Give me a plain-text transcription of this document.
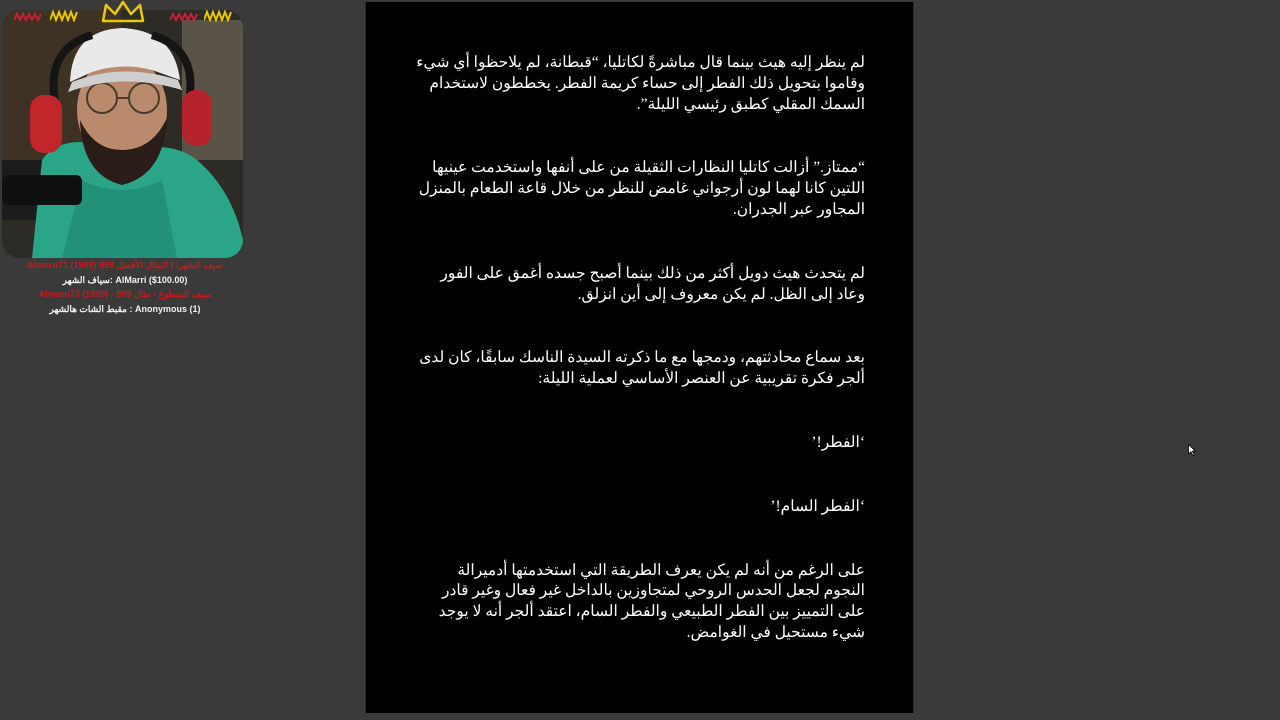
لم ينظر إليه هيث بينما قال مباشرةً لكاتليا، “قبطانة، لم يلاحظوا أي شيء وقاموا بتحويل ذلك الفطر إلى حساء كريمة الفطر. يخططون لاستخدام السمك المقلي كطبق رئيسي الليلة”.

“ممتاز.” أزالت كاتليا النظارات الثقيلة من على أنفها واستخدمت عينيها اللتين كانا لهما لون أرجواني غامض للنظر من خلال قاعة الطعام بالمنزل المجاور عبر الجدران.

لم يتحدث هيث دويل أكثر من ذلك بينما أصبح جسده أغمق على الفور وعاد إلى الظل. لم يكن معروف إلى أين انزلق.

بعد سماع محادثتهم، ودمجها مع ما ذكرته السيدة الناسك سابقًا، كان لدى ألجر فكرة تقريبية عن العنصر الأساسي لعملية الليلة:

‘الفطر!’

‘الفطر السام!’

على الرغم من أنه لم يكن يعرف الطريقة التي استخدمتها أدميرالة النجوم لجعل الحدس الروحي لمتجاوزين بالداخل غير فعال وغير قادر على التمييز بين الفطر الطبيعي والفطر السام، اعتقد ألجر أنه لا يوجد شيء مستحيل في الغوامض.

Almaru71 (1999) سيف الشهر: | المثال الأفضل 999
سياف الشهر: AlMarri ($100.00)
Almaru73 (1999) - سيف المتطوع - مثال 999
مقبط الشات هالشهر : Anonymous (1)
